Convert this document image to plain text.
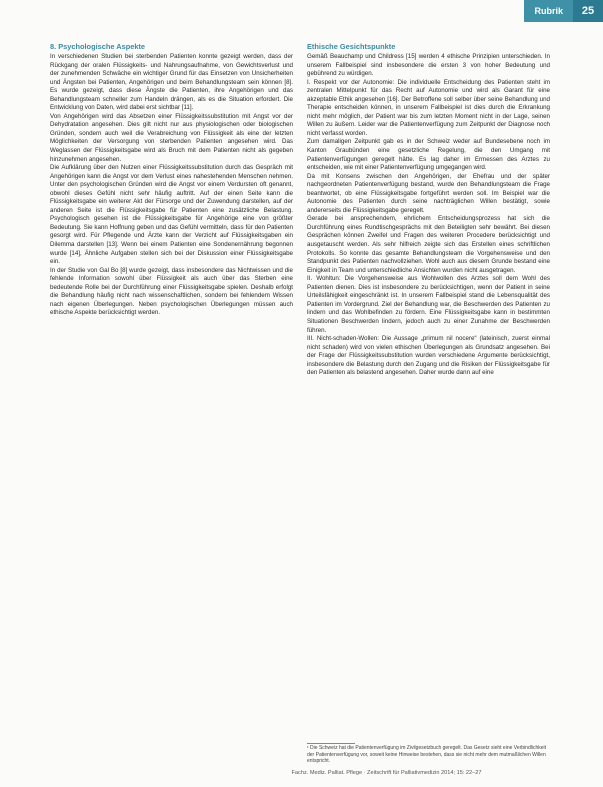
Rubrik	25
8. Psychologische Aspekte

In verschiedenen Studien bei sterbenden Patienten konnte gezeigt werden, dass der Rückgang der oralen Flüssigkeits- und Nahrungsaufnahme, von Gewichtsverlust und der zunehmenden Schwäche ein wichtiger Grund für das Einsetzen von Unsicherheiten und Ängsten bei Patienten, Angehörigen und beim Behandlungsteam sein können [8]. Es wurde gezeigt, dass diese Ängste die Patienten, ihre Angehörigen und das Behandlungsteam schneller zum Handeln drängen, als es die Situation erfordert. Die Entwicklung von Daten, wird dabei erst sichtbar [11].

Von Angehörigen wird das Absetzen einer Flüssigkeitssubstitution mit Angst vor der Dehydratation angesehen. Dies gilt nicht nur aus physiologischen oder biologischen Gründen, sondern auch weil die Verabreichung von Flüssigkeit als eine der letzten Möglichkeiten der Versorgung von sterbenden Patienten angesehen wird. Das Weglassen der Flüssigkeitsgabe wird als Bruch mit dem Patienten nicht als gegeben hinzunehmen angesehen.

Die Aufklärung über den Nutzen einer Flüssigkeitssubstitution durch das Gespräch mit Angehörigen kann die Angst vor dem Verlust eines nahestehenden Menschen nehmen. Unter den psychologischen Gründen wird die Angst vor einem Verdursten oft genannt, obwohl dieses Gefühl nicht sehr häufig auftritt. Auf der einen Seite kann die Flüssigkeitsgabe ein weiterer Akt der Fürsorge und der Zuwendung darstellen, auf der anderen Seite ist die Flüssigkeitsgabe für Patienten eine zusätzliche Belastung. Psychologisch gesehen ist die Flüssigkeitsgabe für Angehörige eine von größter Bedeutung. Sie kann Hoffnung geben und das Gefühl vermitteln, dass für den Patienten gesorgt wird. Für Pflegende und Ärzte kann der Verzicht auf Flüssigkeitsgaben ein Dilemma darstellen [13]. Wenn bei einem Patienten eine Sondenernährung begonnen wurde [14], Ähnliche Aufgaben stellen sich bei der Diskussion einer Flüssigkeitsgabe ein.

In der Studie von Gal Bo [8] wurde gezeigt, dass insbesondere das Nichtwissen und die fehlende Information sowohl über Flüssigkeit als auch über das Sterben eine bedeutende Rolle bei der Durchführung einer Flüssigkeitsgabe spielen. Deshalb erfolgt die Behandlung häufig nicht nach wissenschaftlichen, sondern bei fehlendem Wissen nach eigenen Überlegungen. Neben psychologischen Überlegungen müssen auch ethische Aspekte berücksichtigt werden.

Ethische Gesichtspunkte

Gemäß Beauchamp und Childress [15] werden 4 ethische Prinzipien unterschieden. In unserem Fallbeispiel sind insbesondere die ersten 3 von hoher Bedeutung und gebührend zu würdigen.

I. Respekt vor der Autonomie: Die individuelle Entscheidung des Patienten steht im zentralen Mittelpunkt für das Recht auf Autonomie und wird als Garant für eine akzeptable Ethik angesehen [16]. Der Betroffene soll selber über seine Behandlung und Therapie entscheiden können, in unserem Fallbeispiel ist dies durch die Erkrankung nicht mehr möglich, der Patient war bis zum letzten Moment nicht in der Lage, seinen Willen zu äußern. Leider war die Patientenverfügung zum Zeitpunkt der Diagnose noch nicht verfasst worden.

Zum damaligen Zeitpunkt gab es in der Schweiz weder auf Bundesebene noch im Kanton Graubünden eine gesetzliche Regelung, die den Umgang mit Patientenverfügungen geregelt hätte. Es lag daher im Ermessen des Arztes zu entscheiden, wie mit einer Patientenverfügung umgegangen wird.

Da mit Konsens zwischen den Angehörigen, der Ehefrau und der später nachgeordneten Patientenverfügung bestand, wurde den Behandlungsteam die Frage beantwortet, ob eine Flüssigkeitsgabe fortgeführt werden soll. Im Beispiel war die Autonomie des Patienten durch seine nachträglichen Willen bestätigt, sowie andererseits die Flüssigkeitsgabe geregelt.

Gerade bei ansprechendem, ehrlichem Entscheidungsprozess hat sich die Durchführung eines Rundtischgesprächs mit den Beteiligten sehr bewährt. Bei diesen Gesprächen können Zweifel und Fragen des weiteren Procedere berücksichtigt und ausgetauscht werden. Als sehr hilfreich zeigte sich das Erstellen eines schriftlichen Protokolls. So konnte das gesamte Behandlungsteam die Vorgehensweise und den Standpunkt des Patienten nachvollziehen. Wohl auch aus diesem Grunde bestand eine Einigkeit in Team und unterschiedliche Ansichten wurden nicht ausgetragen.

II. Wohltun: Die Vorgehensweise aus Wohlwollen des Arztes soll dem Wohl des Patienten dienen. Dies ist insbesondere zu berücksichtigen, wenn der Patient in seine Urteilsfähigkeit eingeschränkt ist. In unserem Fallbeispiel stand die Lebensqualität des Patienten im Vordergrund. Ziel der Behandlung war, die Beschwerden des Patienten zu lindern und das Wohlbefinden zu fördern. Eine Flüssigkeitsgabe kann in bestimmten Situationen Beschwerden lindern, jedoch auch zu einer Zunahme der Beschwerden führen.

III. Nicht-schaden-Wollen: Die Aussage „primum nil nocere“ (lateinisch, zuerst einmal nicht schaden) wird von vielen ethischen Überlegungen als Grundsatz angesehen. Bei der Frage der Flüssigkeitssubstitution wurden verschiedene Argumente berücksichtigt, insbesondere die Belastung durch den Zugang und die Risiken der Flüssigkeitsgabe für den Patienten als belastend angesehen. Daher wurde dann auf eine

¹ Die Schweiz hat die Patientenverfügung im Zivilgesetzbuch geregelt. Das Gesetz sieht eine Verbindlichkeit der Patientenverfügung vor, soweit keine Hinweise bestehen, dass sie nicht mehr dem mutmaßlichen Willen entspricht.
Fachz. Mediz. Palliat. Pflege · Zeitschrift für Palliativmedizin 2014; 15: 22–27
